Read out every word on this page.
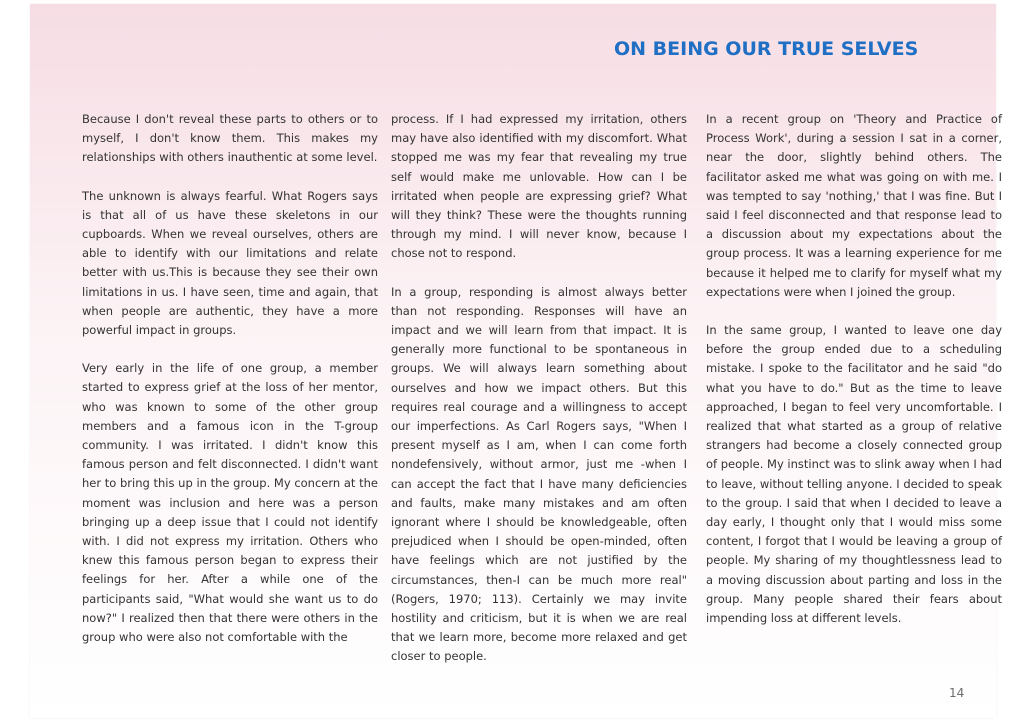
ON BEING OUR TRUE SELVES

Because I don't reveal these parts to others or to myself, I don't know them. This makes my relationships with others inauthentic at some level.

The unknown is always fearful. What Rogers says is that all of us have these skeletons in our cupboards. When we reveal ourselves, others are able to identify with our limitations and relate better with us.This is because they see their own limitations in us. I have seen, time and again, that when people are authentic, they have a more powerful impact in groups.

Very early in the life of one group, a member started to express grief at the loss of her mentor, who was known to some of the other group members and a famous icon in the T-group community. I was irritated. I didn't know this famous person and felt disconnected. I didn't want her to bring this up in the group. My concern at the moment was inclusion and here was a person bringing up a deep issue that I could not identify with. I did not express my irritation. Others who knew this famous person began to express their feelings for her. After a while one of the participants said, "What would she want us to do now?" I realized then that there were others in the group who were also not comfortable with the

process. If I had expressed my irritation, others may have also identified with my discomfort. What stopped me was my fear that revealing my true self would make me unlovable. How can I be irritated when people are expressing grief? What will they think? These were the thoughts running through my mind. I will never know, because I chose not to respond.

In a group, responding is almost always better than not responding. Responses will have an impact and we will learn from that impact. It is generally more functional to be spontaneous in groups. We will always learn something about ourselves and how we impact others. But this requires real courage and a willingness to accept our imperfections. As Carl Rogers says, "When I present myself as I am, when I can come forth nondefensively, without armor, just me -when I can accept the fact that I have many deficiencies and faults, make many mistakes and am often ignorant where I should be knowledgeable, often prejudiced when I should be open-minded, often have feelings which are not justified by the circumstances, then-I can be much more real" (Rogers, 1970; 113). Certainly we may invite hostility and criticism, but it is when we are real that we learn more, become more relaxed and get closer to people.

In a recent group on 'Theory and Practice of Process Work', during a session I sat in a corner, near the door, slightly behind others. The facilitator asked me what was going on with me. I was tempted to say 'nothing,' that I was fine. But I said I feel disconnected and that response lead to a discussion about my expectations about the group process. It was a learning experience for me because it helped me to clarify for myself what my expectations were when I joined the group.

In the same group, I wanted to leave one day before the group ended due to a scheduling mistake. I spoke to the facilitator and he said "do what you have to do." But as the time to leave approached, I began to feel very uncomfortable. I realized that what started as a group of relative strangers had become a closely connected group of people. My instinct was to slink away when I had to leave, without telling anyone. I decided to speak to the group. I said that when I decided to leave a day early, I thought only that I would miss some content, I forgot that I would be leaving a group of people. My sharing of my thoughtlessness lead to a moving discussion about parting and loss in the group. Many people shared their fears about impending loss at different levels.

14
